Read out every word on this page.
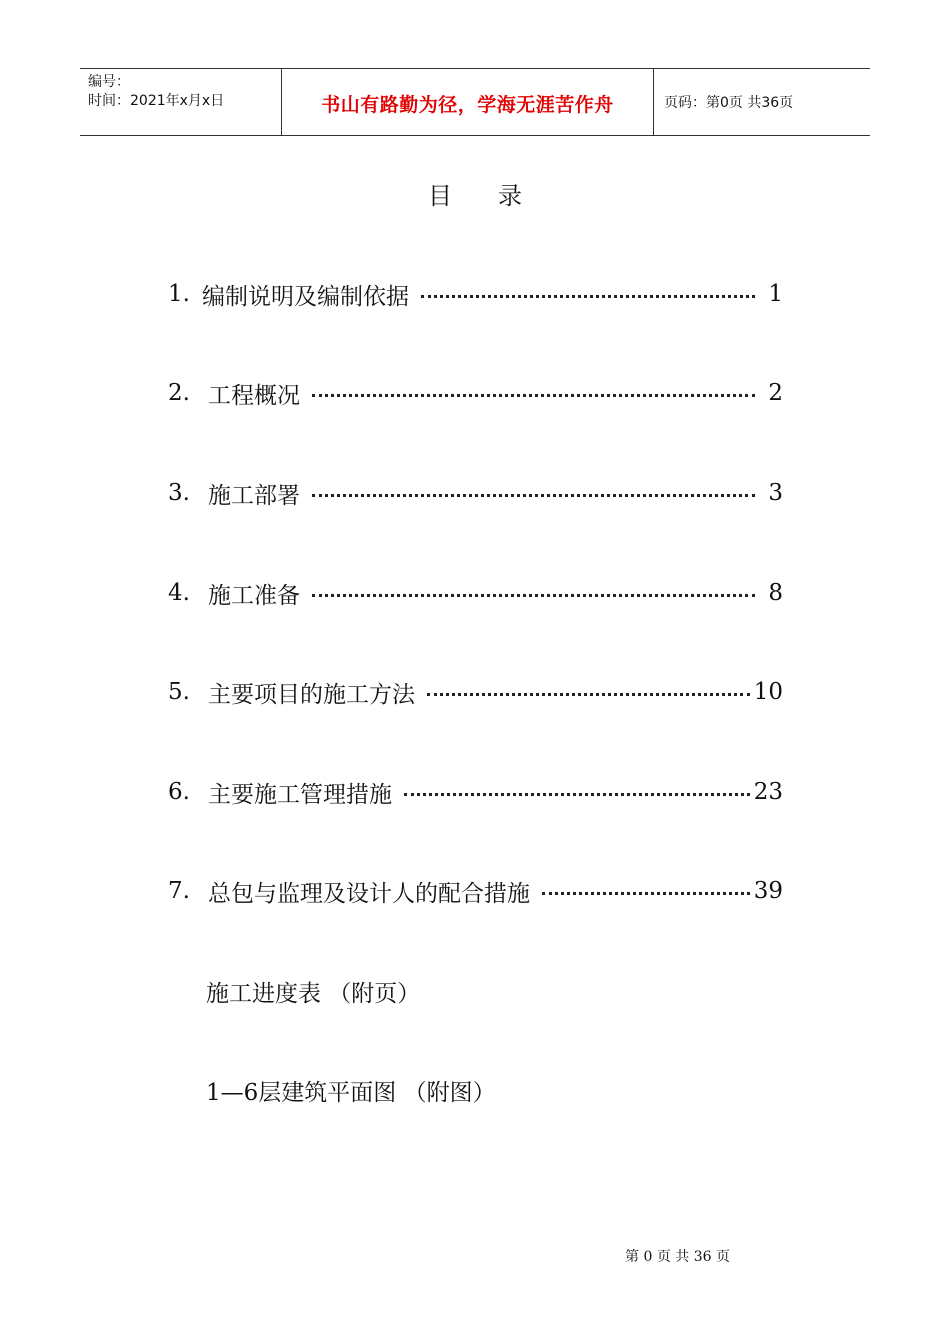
编号：
时间：2021年x月x日	书山有路勤为径，学海无涯苦作舟	页码：第0页 共36页
目 录
1. 编制说明及编制依据	1
2. 工程概况	2
3. 施工部署	3
4. 施工准备	8
5. 主要项目的施工方法	10
6. 主要施工管理措施	23
7. 总包与监理及设计人的配合措施	39
施工进度表 （附页）
1—6层建筑平面图 （附图）
第 0 页 共 36 页
